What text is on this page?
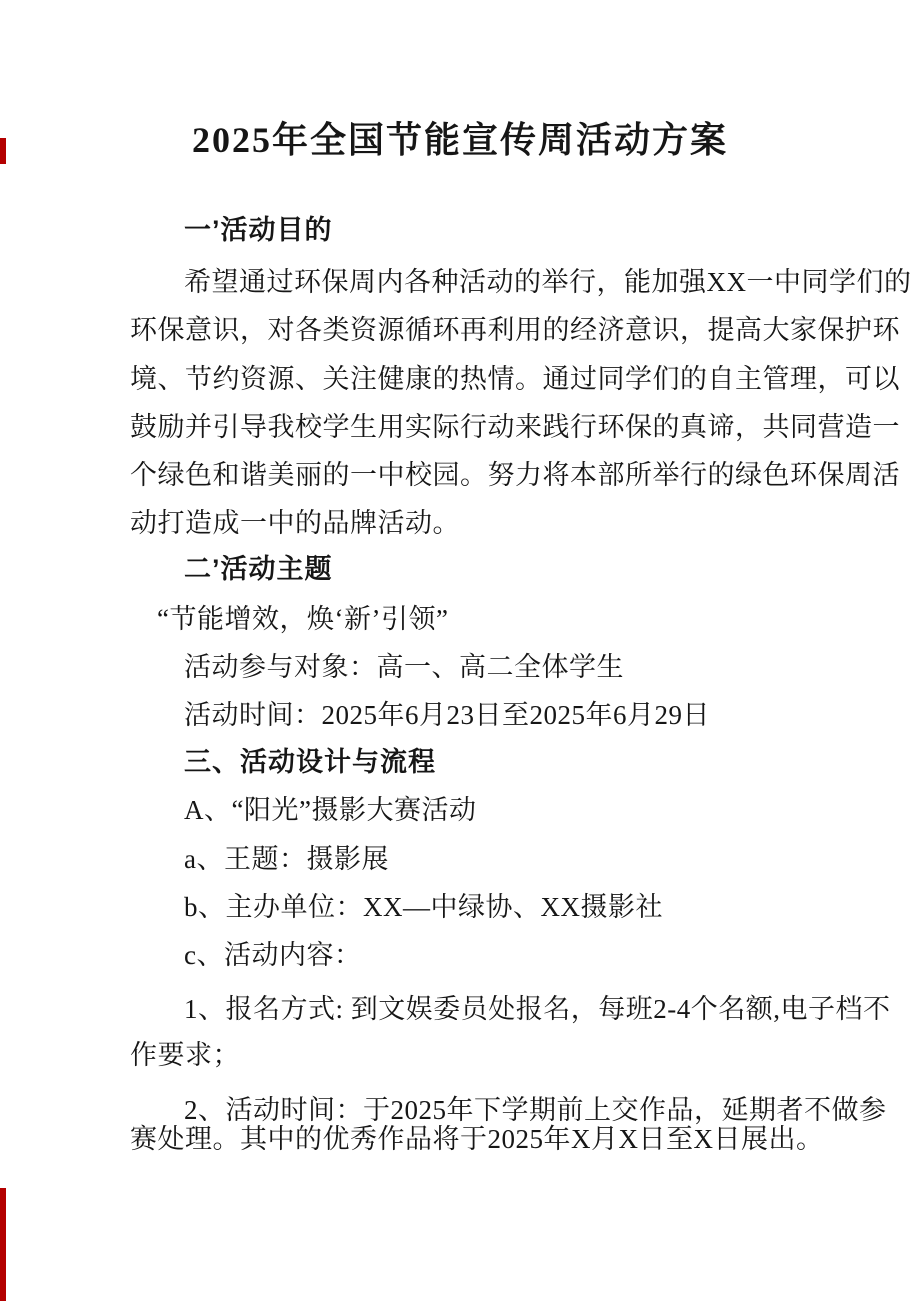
2025年全国节能宣传周活动方案
一’活动目的
希望通过环保周内各种活动的举行，能加强XX一中同学们的
环保意识，对各类资源循环再利用的经济意识，提高大家保护环
境、节约资源、关注健康的热情。通过同学们的自主管理，可以
鼓励并引导我校学生用实际行动来践行环保的真谛，共同营造一
个绿色和谐美丽的一中校园。努力将本部所举行的绿色环保周活
动打造成一中的品牌活动。
二’活动主题
“节能增效，焕‘新’引领”
活动参与对象：高一、高二全体学生
活动时间：2025年6月23日至2025年6月29日
三、活动设计与流程
A、“阳光”摄影大赛活动
a、王题：摄影展
b、主办单位：XX—中绿协、XX摄影社
c、活动内容：
1、报名方式: 到文娱委员处报名，每班2-4个名额,电子档不
作要求；
2、活动时间：于2025年下学期前上交作品，延期者不做参
赛处理。其中的优秀作品将于2025年X月X日至X日展出。
